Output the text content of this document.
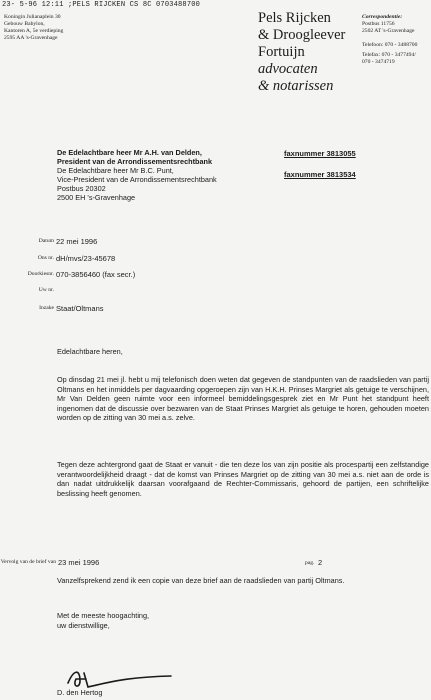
23- 5-96 12:11 ;PELS RIJCKEN CS 8C 0703488700
Koningin Julianaplein 30
Gebouw Babylon,
Kantoren A, 5e verdieping
2595 AA 's-Gravenhage
Pels Rijcken
& Droogleever
Fortuijn
advocaten
& notarissen
Correspondentie:
Postbus 11756
2502 AT 's-Gravenhage
Telefoon: 070 - 3488700
Telefax: 070 - 3477494/
070 - 3474719
De Edelachtbare heer Mr A.H. van Delden,	faxnummer 3813055
President van de Arrondissementsrechtbank
De Edelachtbare heer Mr B.C. Punt,	faxnummer 3813534
Vice-President van de Arrondissementsrechtbank
Postbus 20302
2500 EH 's-Gravenhage
Datum 22 mei 1996
Ons nr. dH/mvs/23-45678
Doorkiesnr. 070-3856460 (fax secr.)
Uw nr.
Inzake Staat/Oltmans
Edelachtbare heren,
Op dinsdag 21 mei jl. hebt u mij telefonisch doen weten dat gegeven de standpunten van de raadslieden van partij Oltmans en het inmiddels per dagvaarding opgeroepen zijn van H.K.H. Prinses Margriet als getuige te verschijnen, Mr Van Delden geen ruimte voor een informeel bemiddelingsgesprek ziet en Mr Punt het standpunt heeft ingenomen dat de discussie over bezwaren van de Staat Prinses Margriet als getuige te horen, gehouden moeten worden op de zitting van 30 mei a.s. zelve.
Tegen deze achtergrond gaat de Staat er vanuit - die ten deze los van zijn positie als procespartij een zelfstandige verantwoordelijkheid draagt - dat de komst van Prinses Margriet op de zitting van 30 mei a.s. niet aan de orde is dan nadat uitdrukkelijk daarsan voorafgaand de Rechter-Commissaris, gehoord de partijen, een schriftelijke beslissing heeft genomen.
Vervolg van de brief van 23 mei 1996	pag. 2
Vanzelfsprekend zend ik een copie van deze brief aan de raadslieden van partij Oltmans.
Met de meeste hoogachting,
uw dienstwillige,
D. den Hertog
